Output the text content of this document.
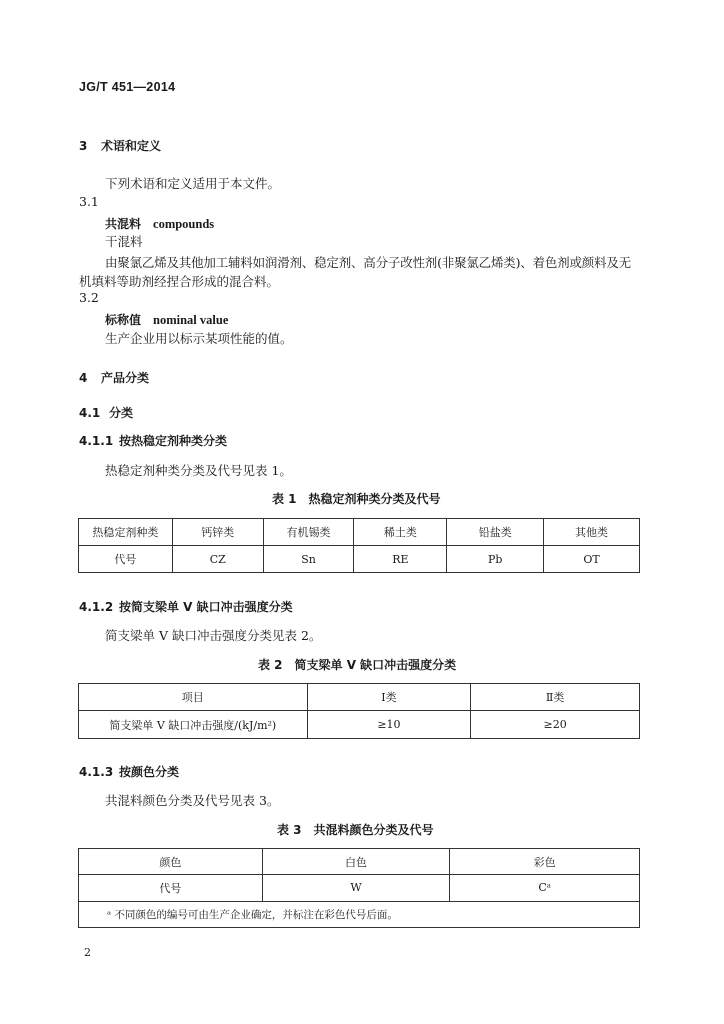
JG/T 451—2014
3 术语和定义
下列术语和定义适用于本文件。
3.1
共混料 compounds
干混料
由聚氯乙烯及其他加工辅料如润滑剂、稳定剂、高分子改性剂(非聚氯乙烯类)、着色剂或颜料及无
机填料等助剂经捏合形成的混合料。
3.2
标称值 nominal value
生产企业用以标示某项性能的值。
4 产品分类
4.1 分类
4.1.1 按热稳定剂种类分类
热稳定剂种类分类及代号见表 1。
表 1　热稳定剂种类分类及代号
热稳定剂种类	钙锌类	有机锡类	稀土类	铅盐类	其他类
代号	CZ	Sn	RE	Pb	OT
4.1.2 按简支梁单 V 缺口冲击强度分类
简支梁单 V 缺口冲击强度分类见表 2。
表 2　简支梁单 V 缺口冲击强度分类
项目	Ⅰ类	Ⅱ类
简支梁单 V 缺口冲击强度/(kJ/m²)	≥10	≥20
4.1.3 按颜色分类
共混料颜色分类及代号见表 3。
表 3　共混料颜色分类及代号
颜色	白色	彩色
代号	W	Cᵃ
ᵃ 不同颜色的编号可由生产企业确定，并标注在彩色代号后面。		
2
